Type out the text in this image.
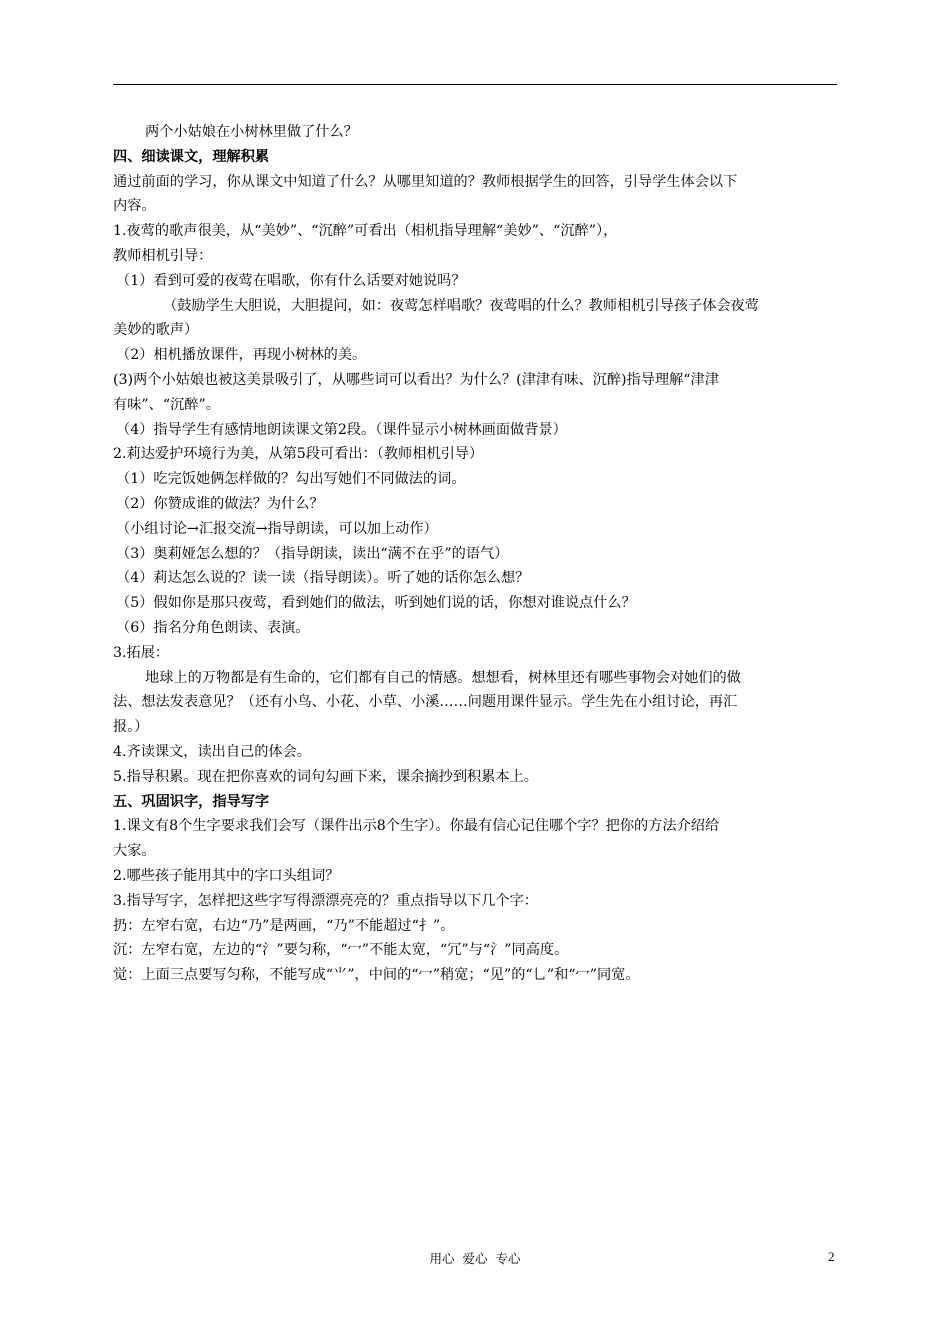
两个小姑娘在小树林里做了什么？
四、细读课文，理解积累
通过前面的学习，你从课文中知道了什么？从哪里知道的？教师根据学生的回答，引导学生体会以下
内容。
1.夜莺的歌声很美，从“美妙”、“沉醉”可看出（相机指导理解“美妙”、“沉醉”），
教师相机引导：
（1）看到可爱的夜莺在唱歌，你有什么话要对她说吗？
（鼓励学生大胆说，大胆提问，如：夜莺怎样唱歌？夜莺唱的什么？教师相机引导孩子体会夜莺
美妙的歌声）
（2）相机播放课件，再现小树林的美。
(3)两个小姑娘也被这美景吸引了，从哪些词可以看出？为什么？(津津有味、沉醉)指导理解“津津
有味”、“沉醉”。
（4）指导学生有感情地朗读课文第2段。（课件显示小树林画面做背景）
2.莉达爱护环境行为美，从第5段可看出：（教师相机引导）
（1）吃完饭她俩怎样做的？勾出写她们不同做法的词。
（2）你赞成谁的做法？为什么？
（小组讨论→汇报交流→指导朗读，可以加上动作）
（3）奥莉娅怎么想的？（指导朗读，读出“满不在乎”的语气）
（4）莉达怎么说的？读一读（指导朗读）。听了她的话你怎么想？
（5）假如你是那只夜莺，看到她们的做法，听到她们说的话，你想对谁说点什么？
（6）指名分角色朗读、表演。
3.拓展：
地球上的万物都是有生命的，它们都有自己的情感。想想看，树林里还有哪些事物会对她们的做
法、想法发表意见？（还有小鸟、小花、小草、小溪……问题用课件显示。学生先在小组讨论，再汇
报。）
4.齐读课文，读出自己的体会。
5.指导积累。现在把你喜欢的词句勾画下来，课余摘抄到积累本上。
五、巩固识字，指导写字
1.课文有8个生字要求我们会写（课件出示8个生字）。你最有信心记住哪个字？把你的方法介绍给
大家。
2.哪些孩子能用其中的字口头组词？
3.指导写字，怎样把这些字写得漂漂亮亮的？重点指导以下几个字：
扔：左窄右宽，右边“乃”是两画，“乃”不能超过“扌”。
沉：左窄右宽，左边的“氵”要匀称，“冖”不能太宽，“冗”与“氵”同高度。
觉：上面三点要写匀称，不能写成“⺌”，中间的“冖”稍宽；“见”的“乚”和“冖”同宽。
用心  爱心  专心	2
